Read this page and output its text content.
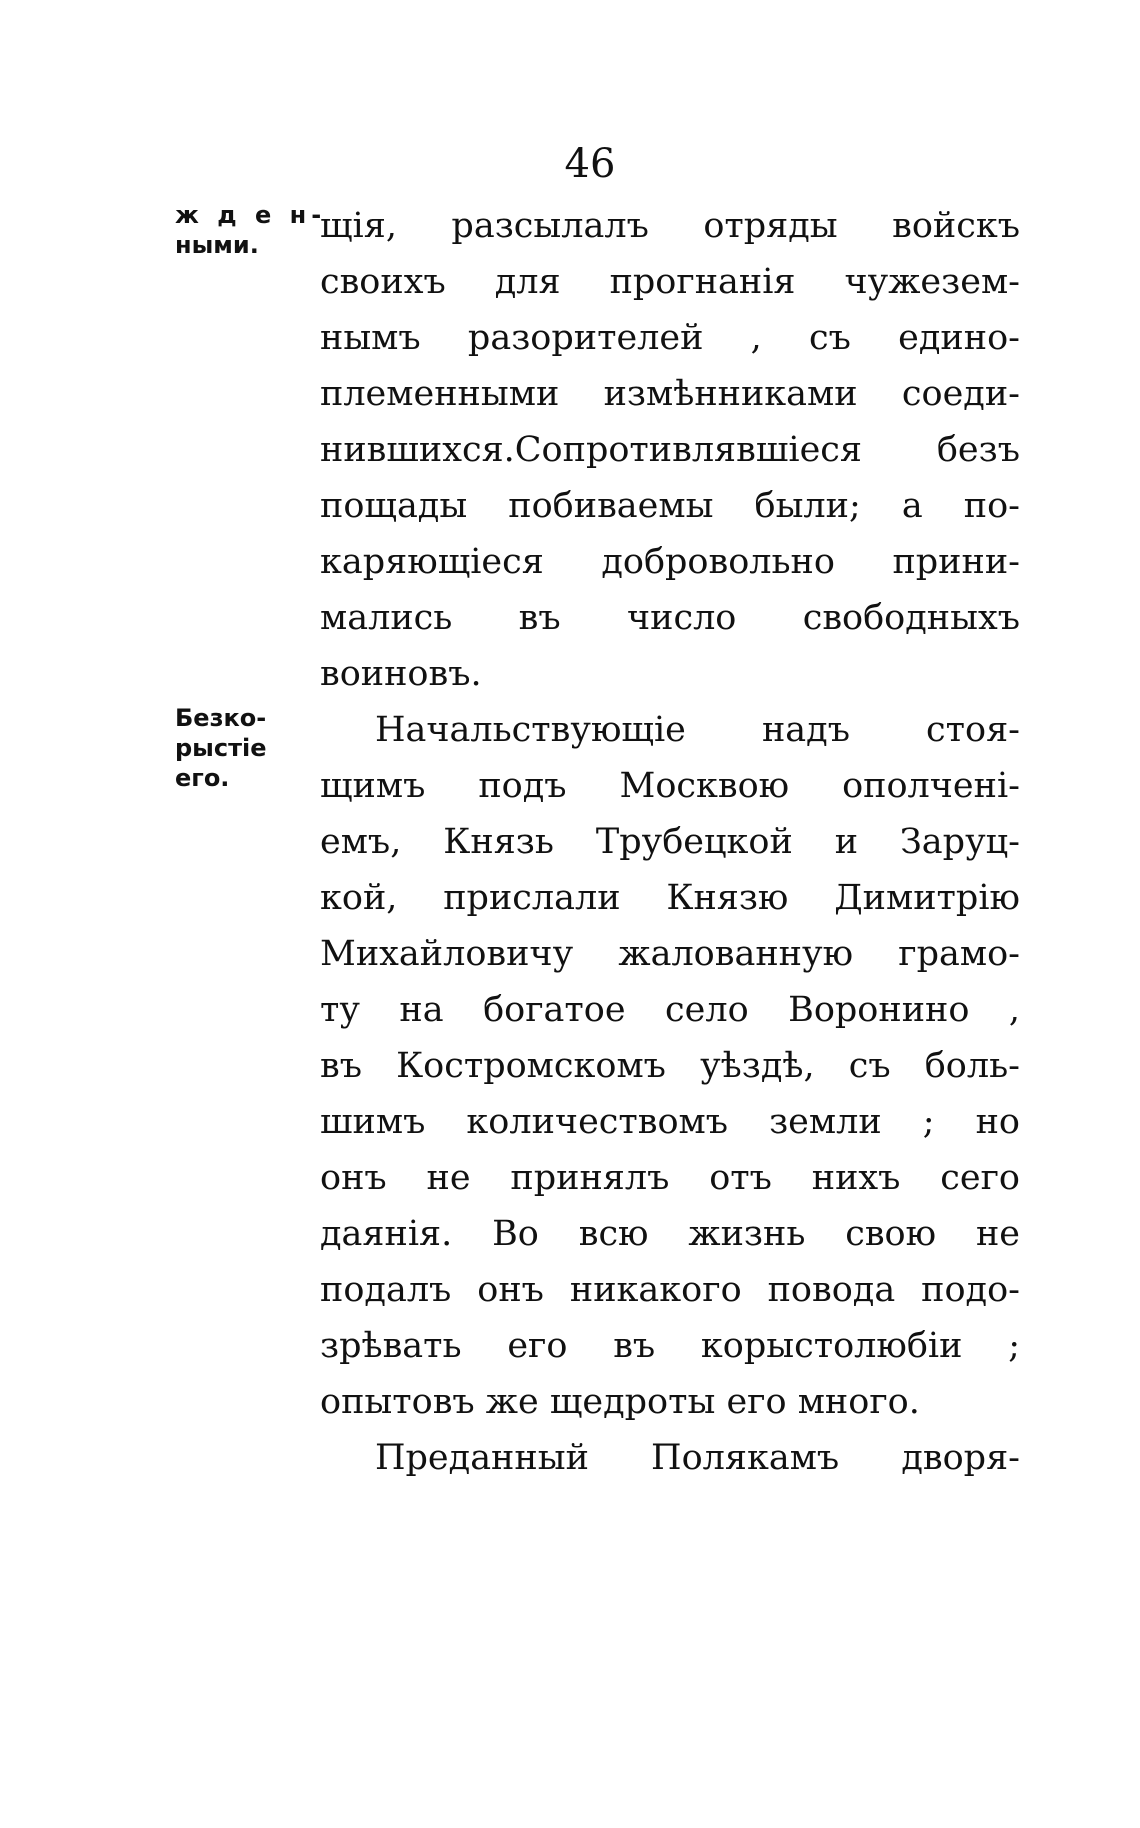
46
ж д е н-
ными.
Безко-
рыстіе
его.
щія, разсылалъ отряды войскъ
своихъ для прогнанія чужезем-
нымъ разорителей , съ едино-
племенными измѣнниками соеди-
нившихся.Сопротивлявшіеся безъ
пощады побиваемы были; а по-
каряющіеся добровольно прини-
мались въ число свободныхъ
воиновъ.
Начальствующіе надъ стоя-
щимъ подъ Москвою ополченi-
емъ, Князь Трубецкой и Заруц-
кой, прислали Князю Димитрію
Михайловичу жалованную грамо-
ту на богатое село Воронино ,
въ Костромскомъ уѣздѣ, съ боль-
шимъ количествомъ земли ; но
онъ не принялъ отъ нихъ сего
даянія. Во всю жизнь свою не
подалъ онъ никакого повода подо-
зрѣвать его въ корыстолюбіи ;
опытовъ же щедроты его много.
Преданный Полякамъ дворя-
